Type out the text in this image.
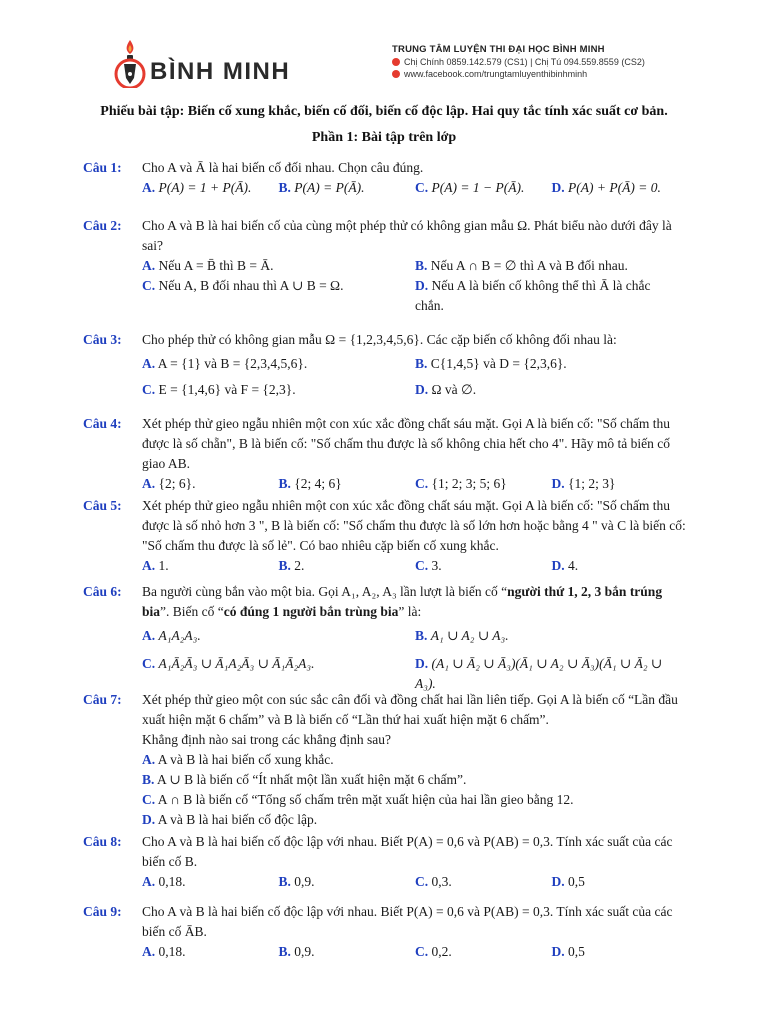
BÌNH MINH
TRUNG TÂM LUYỆN THI ĐẠI HỌC BÌNH MINH
Chị Chính 0859.142.579 (CS1) | Chị Tú 094.559.8559 (CS2)
www.facebook.com/trungtamluyenthibinhminh
Phiếu bài tập: Biến cố xung khắc, biến cố đối, biến cố độc lập. Hai quy tắc tính xác suất cơ bản.
Phần 1: Bài tập trên lớp
Câu 1: Cho A và Ā là hai biến cố đối nhau. Chọn câu đúng.
A. P(A) = 1 + P(Ā).	B. P(A) = P(Ā).	C. P(A) = 1 − P(Ā).	D. P(A) + P(Ā) = 0.
Câu 2: Cho A và B là hai biến cố của cùng một phép thử có không gian mẫu Ω. Phát biểu nào dưới đây là sai?
A. Nếu A = B̄ thì B = Ā.	B. Nếu A ∩ B = ∅ thì A và B đối nhau.
C. Nếu A, B đối nhau thì A ∪ B = Ω.	D. Nếu A là biến cố không thể thì Ā là chắc chắn.
Câu 3: Cho phép thử có không gian mẫu Ω = {1,2,3,4,5,6}. Các cặp biến cố không đối nhau là:
A. A = {1} và B = {2,3,4,5,6}.	B. C{1,4,5} và D = {2,3,6}.
C. E = {1,4,6} và F = {2,3}.	D. Ω và ∅.
Câu 4: Xét phép thử gieo ngẫu nhiên một con xúc xắc đồng chất sáu mặt. Gọi A là biến cố: "Số chấm thu được là số chẵn", B là biến cố: "Số chấm thu được là số không chia hết cho 4". Hãy mô tả biến cố giao AB.
A. {2; 6}.	B. {2; 4; 6}	C. {1; 2; 3; 5; 6}	D. {1; 2; 3}
Câu 5: Xét phép thử gieo ngẫu nhiên một con xúc xắc đồng chất sáu mặt. Gọi A là biến cố: "Số chấm thu được là số nhỏ hơn 3 ", B là biến cố: "Số chấm thu được là số lớn hơn hoặc bằng 4 " và C là biến cố: "Số chấm thu được là số lẻ". Có bao nhiêu cặp biến cố xung khắc.
A. 1.	B. 2.	C. 3.	D. 4.
Câu 6: Ba người cùng bắn vào một bia. Gọi A₁, A₂, A₃ lần lượt là biến cố “người thứ 1, 2, 3 bắn trúng bia”. Biến cố “có đúng 1 người bắn trùng bia” là:
A. A₁A₂A₃.	B. A₁ ∪ A₂ ∪ A₃.
C. A₁Ā₂Ā₃ ∪ Ā₁A₂Ā₃ ∪ Ā₁Ā₂A₃.	D. (A₁ ∪ Ā₂ ∪ Ā₃)(Ā₁ ∪ A₂ ∪ Ā₃)(Ā₁ ∪ Ā₂ ∪ A₃).
Câu 7: Xét phép thử gieo một con súc sắc cân đối và đồng chất hai lần liên tiếp. Gọi A là biến cố “Lần đầu xuất hiện mặt 6 chấm” và B là biến cố “Lần thứ hai xuất hiện mặt 6 chấm”.
Khẳng định nào sai trong các khẳng định sau?
A. A và B là hai biến cố xung khắc.
B. A ∪ B là biến cố “Ít nhất một lần xuất hiện mặt 6 chấm”.
C. A ∩ B là biến cố “Tổng số chấm trên mặt xuất hiện của hai lần gieo bằng 12.
D. A và B là hai biến cố độc lập.
Câu 8: Cho A và B là hai biến cố độc lập với nhau. Biết P(A) = 0,6 và P(AB) = 0,3. Tính xác suất của các biến cố B.
A. 0,18.	B. 0,9.	C. 0,3.	D. 0,5
Câu 9: Cho A và B là hai biến cố độc lập với nhau. Biết P(A) = 0,6 và P(AB) = 0,3. Tính xác suất của các biến cố ĀB.
A. 0,18.	B. 0,9.	C. 0,2.	D. 0,5
